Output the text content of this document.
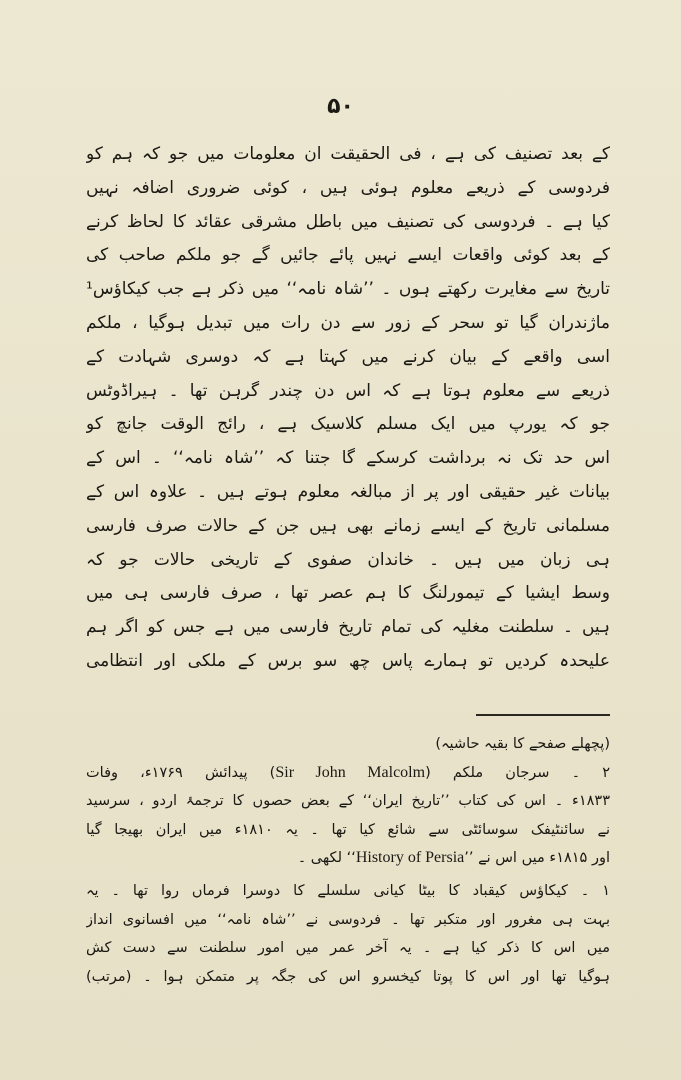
۵۰
کے بعد تصنیف کی ہے ، فی الحقیقت ان معلومات میں جو کہ ہم کو
فردوسی کے ذریعے معلوم ہوئی ہیں ، کوئی ضروری اضافہ نہیں
کیا ہے ۔ فردوسی کی تصنیف میں باطل مشرقی عقائد کا لحاظ کرنے
کے بعد کوئی واقعات ایسے نہیں پائے جائیں گے جو ملکم صاحب کی
تاریخ سے مغایرت رکھتے ہوں ۔ ’’شاہ نامہ‘‘ میں ذکر ہے جب کیکاؤس¹
ماژندران گیا تو سحر کے زور سے دن رات میں تبدیل ہوگیا ، ملکم
اسی واقعے کے بیان کرنے میں کہتا ہے کہ دوسری شہادت کے
ذریعے سے معلوم ہوتا ہے کہ اس دن چندر گرہن تھا ۔ ہیراڈوٹس
جو کہ یورپ میں ایک مسلم کلاسیک ہے ، رائج الوقت جانچ کو
اس حد تک نہ برداشت کرسکے گا جتنا کہ ’’شاہ نامہ‘‘ ۔ اس کے
بیانات غیر حقیقی اور پر از مبالغہ معلوم ہوتے ہیں ۔ علاوہ اس کے
مسلمانی تاریخ کے ایسے زمانے بھی ہیں جن کے حالات صرف فارسی
ہی زبان میں ہیں ۔ خاندان صفوی کے تاریخی حالات جو کہ
وسط ایشیا کے تیمورلنگ کا ہم عصر تھا ، صرف فارسی ہی میں
ہیں ۔ سلطنت مغلیہ کی تمام تاریخ فارسی میں ہے جس کو اگر ہم
علیحدہ کردیں تو ہمارے پاس چھ سو برس کے ملکی اور انتظامی
(پچھلے صفحے کا بقیہ حاشیہ)
۲ ۔ سرجان ملکم (Sir John Malcolm) پیدائش ۱۷۶۹ء، وفات
۱۸۳۳ء ۔ اس کی کتاب ’’تاریخ ایران‘‘ کے بعض حصوں کا ترجمۂ اردو ، سرسید
نے سائنٹیفک سوسائٹی سے شائع کیا تھا ۔ یہ ۱۸۱۰ء میں ایران بھیجا گیا
اور ۱۸۱۵ء میں اس نے ’’History of Persia‘‘ لکھی ۔
۱ ۔ کیکاؤس کیقباد کا بیٹا کیانی سلسلے کا دوسرا فرماں روا تھا ۔ یہ
بہت ہی مغرور اور متکبر تھا ۔ فردوسی نے ’’شاہ نامہ‘‘ میں افسانوی انداز
میں اس کا ذکر کیا ہے ۔ یہ آخر عمر میں امور سلطنت سے دست کش
ہوگیا تھا اور اس کا پوتا کیخسرو اس کی جگہ پر متمکن ہوا ۔ (مرتب)
